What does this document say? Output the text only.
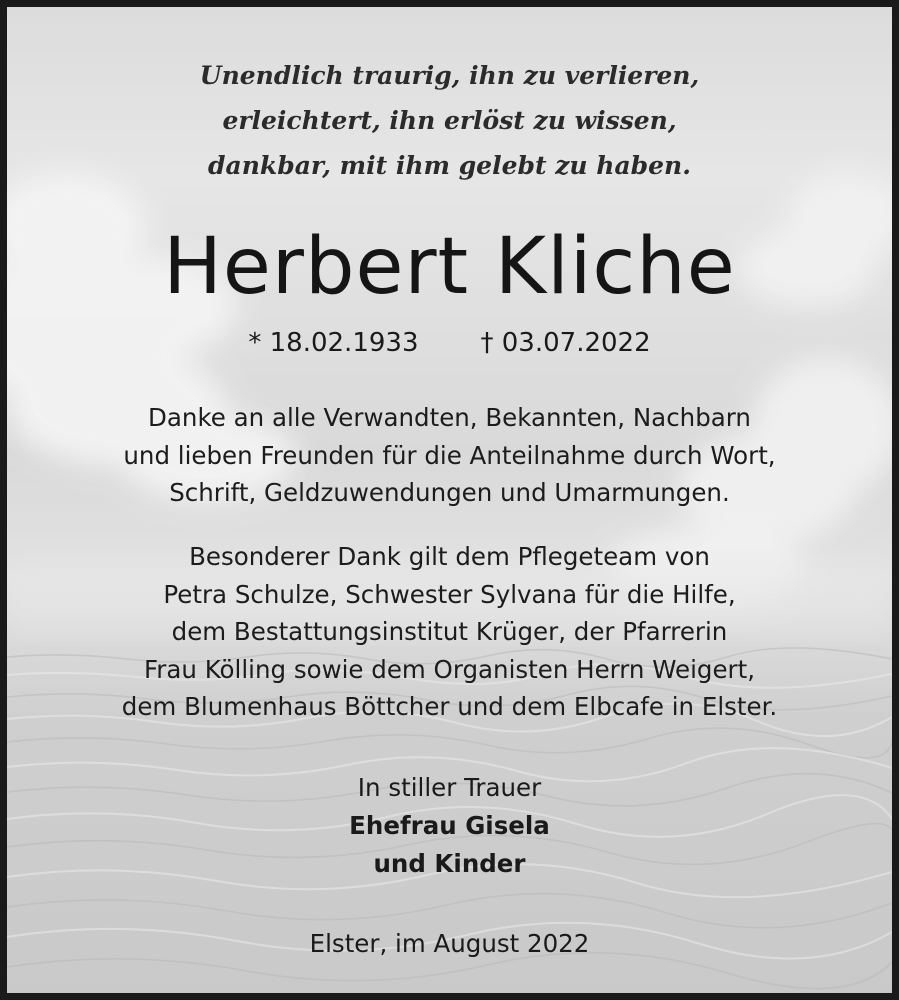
Unendlich traurig, ihn zu verlieren,
erleichtert, ihn erlöst zu wissen,
dankbar, mit ihm gelebt zu haben.
Herbert Kliche
* 18.02.1933 † 03.07.2022
Danke an alle Verwandten, Bekannten, Nachbarn
und lieben Freunden für die Anteilnahme durch Wort,
Schrift, Geldzuwendungen und Umarmungen.
Besonderer Dank gilt dem Pflegeteam von
Petra Schulze, Schwester Sylvana für die Hilfe,
dem Bestattungsinstitut Krüger, der Pfarrerin
Frau Kölling sowie dem Organisten Herrn Weigert,
dem Blumenhaus Böttcher und dem Elbcafe in Elster.
In stiller Trauer
Ehefrau Gisela
und Kinder
Elster, im August 2022
